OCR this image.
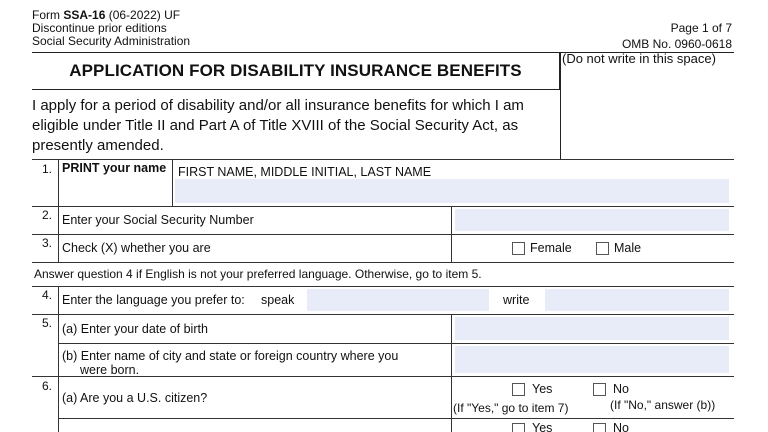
Form SSA-16 (06-2022) UF
Discontinue prior editions
Social Security Administration
Page 1 of 7
OMB No. 0960-0618
APPLICATION FOR DISABILITY INSURANCE BENEFITS
(Do not write in this space)
I apply for a period of disability and/or all insurance benefits for which I am eligible under Title II and Part A of Title XVIII of the Social Security Act, as presently amended.
1. PRINT your name FIRST NAME, MIDDLE INITIAL, LAST NAME
2. Enter your Social Security Number
3. Check (X) whether you are	Female	Male
Answer question 4 if English is not your preferred language. Otherwise, go to item 5.
4. Enter the language you prefer to: speak	write
5. (a) Enter your date of birth
(b) Enter name of city and state or foreign country where you
were born.
6.
(a) Are you a U.S. citizen?
Yes	No
(If "Yes," go to item 7)	(If "No," answer (b))
Yes	No
